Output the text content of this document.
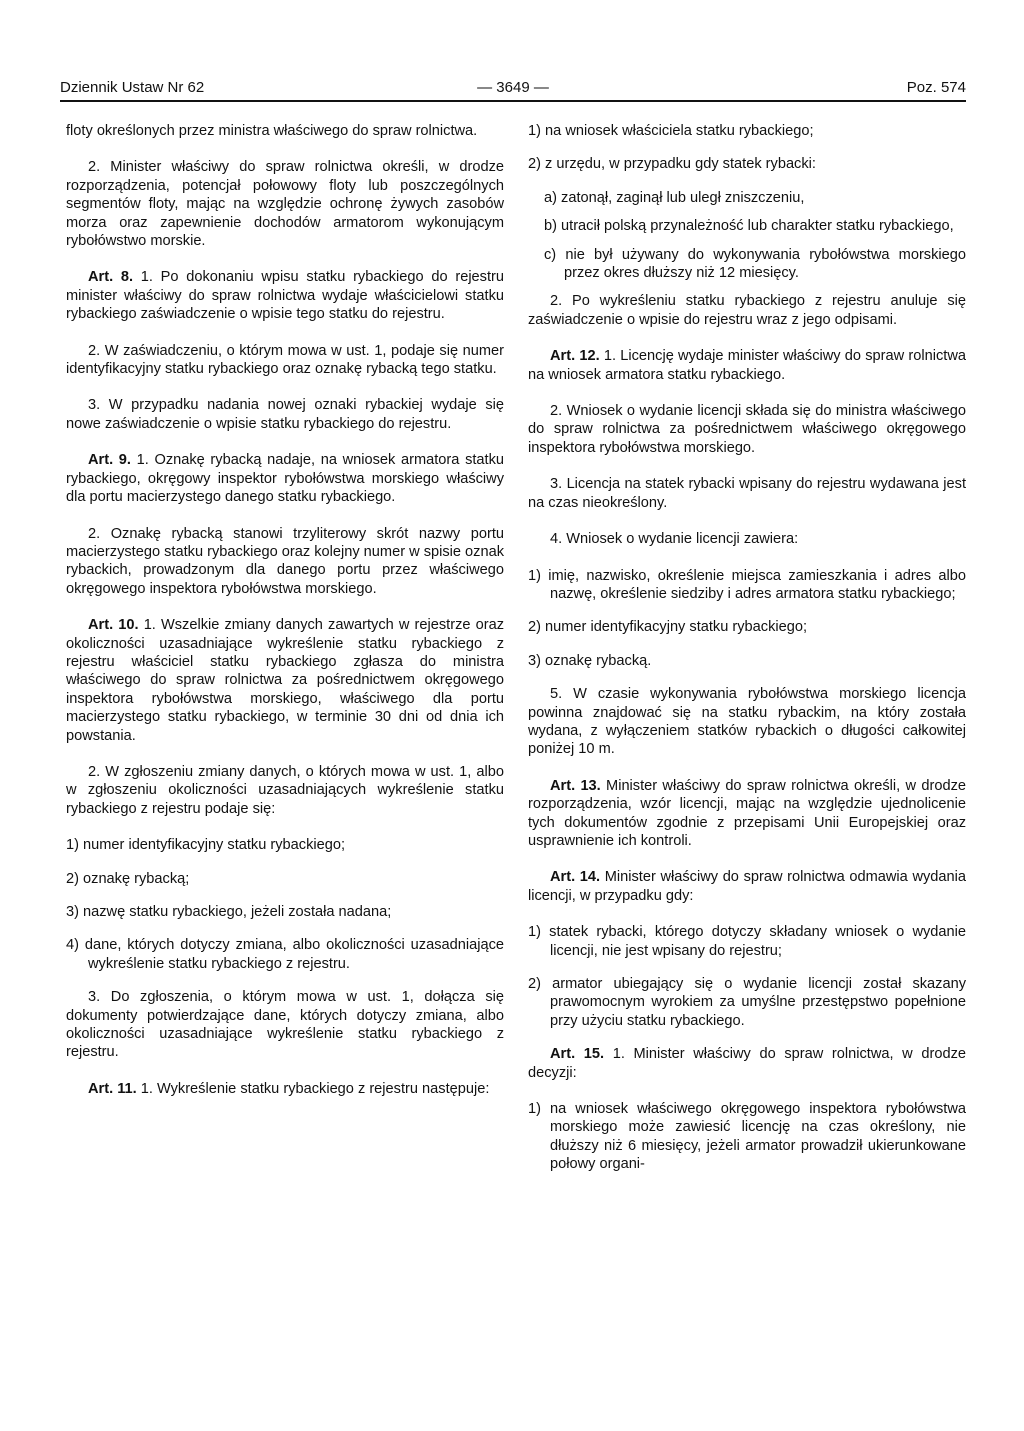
Dziennik Ustaw Nr 62	— 3649 —	Poz. 574

floty określonych przez ministra właściwego do spraw rolnictwa.

2. Minister właściwy do spraw rolnictwa określi, w drodze rozporządzenia, potencjał połowowy floty lub poszczególnych segmentów floty, mając na względzie ochronę żywych zasobów morza oraz zapewnienie dochodów armatorom wykonującym rybołówstwo morskie.

Art. 8. 1. Po dokonaniu wpisu statku rybackiego do rejestru minister właściwy do spraw rolnictwa wydaje właścicielowi statku rybackiego zaświadczenie o wpisie tego statku do rejestru.

2. W zaświadczeniu, o którym mowa w ust. 1, podaje się numer identyfikacyjny statku rybackiego oraz oznakę rybacką tego statku.

3. W przypadku nadania nowej oznaki rybackiej wydaje się nowe zaświadczenie o wpisie statku rybackiego do rejestru.

Art. 9. 1. Oznakę rybacką nadaje, na wniosek armatora statku rybackiego, okręgowy inspektor rybołówstwa morskiego właściwy dla portu macierzystego danego statku rybackiego.

2. Oznakę rybacką stanowi trzyliterowy skrót nazwy portu macierzystego statku rybackiego oraz kolejny numer w spisie oznak rybackich, prowadzonym dla danego portu przez właściwego okręgowego inspektora rybołówstwa morskiego.

Art. 10. 1. Wszelkie zmiany danych zawartych w rejestrze oraz okoliczności uzasadniające wykreślenie statku rybackiego z rejestru właściciel statku rybackiego zgłasza do ministra właściwego do spraw rolnictwa za pośrednictwem okręgowego inspektora rybołówstwa morskiego, właściwego dla portu macierzystego statku rybackiego, w terminie 30 dni od dnia ich powstania.

2. W zgłoszeniu zmiany danych, o których mowa w ust. 1, albo w zgłoszeniu okoliczności uzasadniających wykreślenie statku rybackiego z rejestru podaje się:

1) numer identyfikacyjny statku rybackiego;

2) oznakę rybacką;

3) nazwę statku rybackiego, jeżeli została nadana;

4) dane, których dotyczy zmiana, albo okoliczności uzasadniające wykreślenie statku rybackiego z rejestru.

3. Do zgłoszenia, o którym mowa w ust. 1, dołącza się dokumenty potwierdzające dane, których dotyczy zmiana, albo okoliczności uzasadniające wykreślenie statku rybackiego z rejestru.

Art. 11. 1. Wykreślenie statku rybackiego z rejestru następuje:

1) na wniosek właściciela statku rybackiego;

2) z urzędu, w przypadku gdy statek rybacki:

a) zatonął, zaginął lub uległ zniszczeniu,

b) utracił polską przynależność lub charakter statku rybackiego,

c) nie był używany do wykonywania rybołówstwa morskiego przez okres dłuższy niż 12 miesięcy.

2. Po wykreśleniu statku rybackiego z rejestru anuluje się zaświadczenie o wpisie do rejestru wraz z jego odpisami.

Art. 12. 1. Licencję wydaje minister właściwy do spraw rolnictwa na wniosek armatora statku rybackiego.

2. Wniosek o wydanie licencji składa się do ministra właściwego do spraw rolnictwa za pośrednictwem właściwego okręgowego inspektora rybołówstwa morskiego.

3. Licencja na statek rybacki wpisany do rejestru wydawana jest na czas nieokreślony.

4. Wniosek o wydanie licencji zawiera:

1) imię, nazwisko, określenie miejsca zamieszkania i adres albo nazwę, określenie siedziby i adres armatora statku rybackiego;

2) numer identyfikacyjny statku rybackiego;

3) oznakę rybacką.

5. W czasie wykonywania rybołówstwa morskiego licencja powinna znajdować się na statku rybackim, na który została wydana, z wyłączeniem statków rybackich o długości całkowitej poniżej 10 m.

Art. 13. Minister właściwy do spraw rolnictwa określi, w drodze rozporządzenia, wzór licencji, mając na względzie ujednolicenie tych dokumentów zgodnie z przepisami Unii Europejskiej oraz usprawnienie ich kontroli.

Art. 14. Minister właściwy do spraw rolnictwa odmawia wydania licencji, w przypadku gdy:

1) statek rybacki, którego dotyczy składany wniosek o wydanie licencji, nie jest wpisany do rejestru;

2) armator ubiegający się o wydanie licencji został skazany prawomocnym wyrokiem za umyślne przestępstwo popełnione przy użyciu statku rybackiego.

Art. 15. 1. Minister właściwy do spraw rolnictwa, w drodze decyzji:

1) na wniosek właściwego okręgowego inspektora rybołówstwa morskiego może zawiesić licencję na czas określony, nie dłuższy niż 6 miesięcy, jeżeli armator prowadził ukierunkowane połowy organi-
